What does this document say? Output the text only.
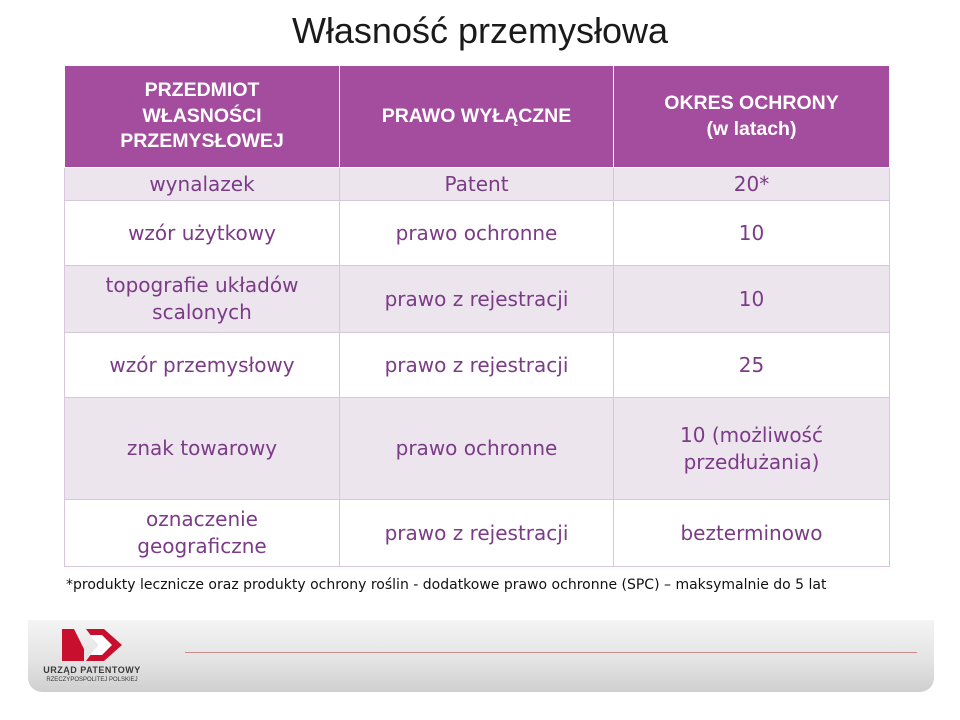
Własność przemysłowa
PRZEDMIOT WŁASNOŚCI PRZEMYSŁOWEJ	PRAWO WYŁĄCZNE	OKRES OCHRONY (w latach)
wynalazek	Patent	20*
wzór użytkowy	prawo ochronne	10
topografie układów scalonych	prawo z rejestracji	10
wzór przemysłowy	prawo z rejestracji	25
znak towarowy	prawo ochronne	10 (możliwość przedłużania)
oznaczenie geograficzne	prawo z rejestracji	bezterminowo
*produkty lecznicze oraz produkty ochrony roślin - dodatkowe prawo ochronne (SPC) – maksymalnie do 5 lat
URZĄD PATENTOWY
RZECZYPOSPOLITEJ POLSKIEJ
